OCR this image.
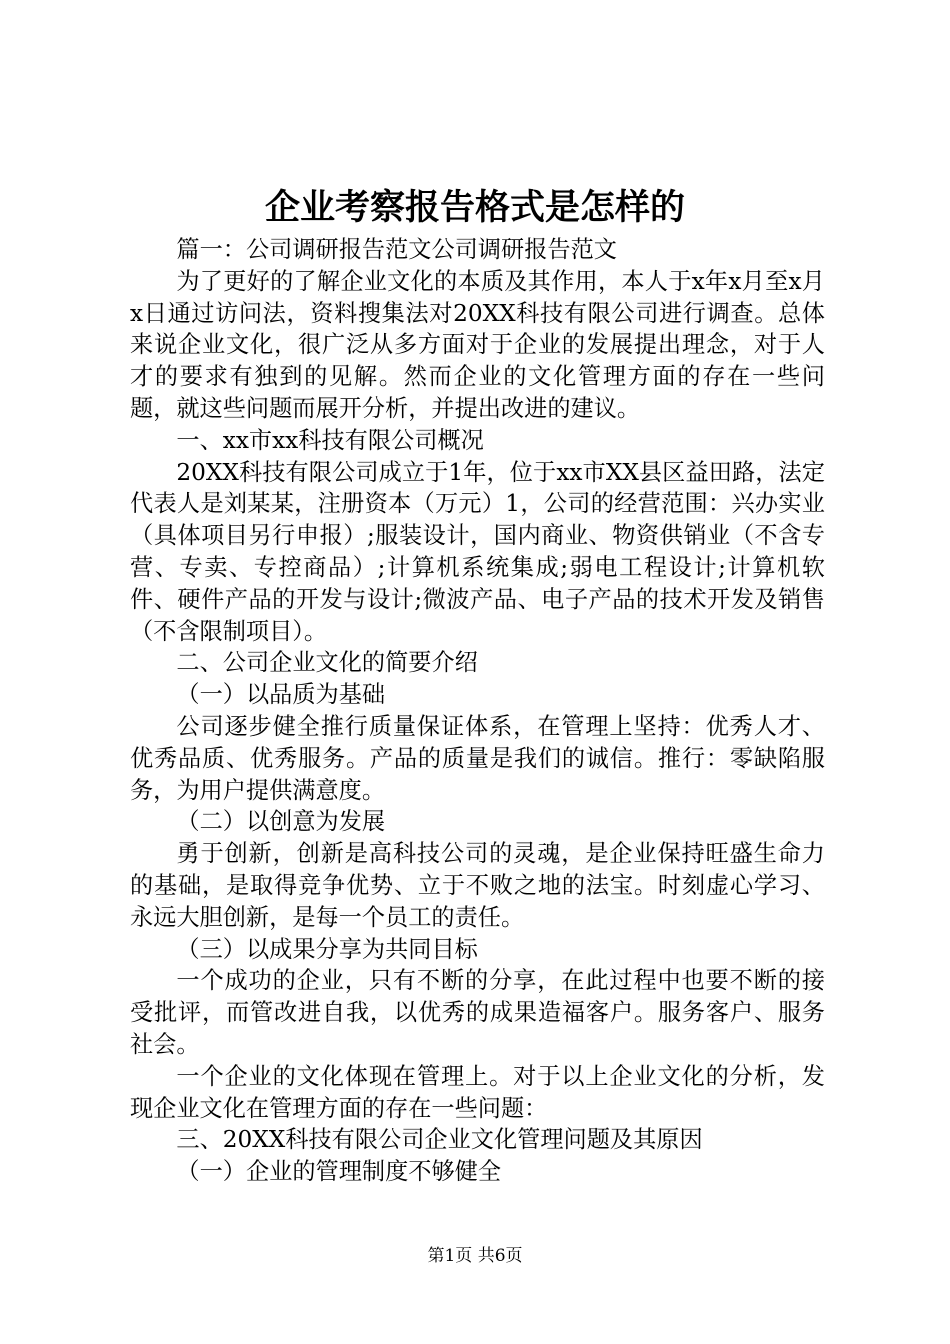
企业考察报告格式是怎样的

篇一：公司调研报告范文公司调研报告范文

为了更好的了解企业文化的本质及其作用，本人于x年x月至x月x日通过访问法，资料搜集法对20XX科技有限公司进行调查。总体来说企业文化，很广泛从多方面对于企业的发展提出理念，对于人才的要求有独到的见解。然而企业的文化管理方面的存在一些问题，就这些问题而展开分析，并提出改进的建议。

一、xx市xx科技有限公司概况

20XX科技有限公司成立于1年，位于xx市XX县区益田路，法定代表人是刘某某，注册资本（万元）1，公司的经营范围：兴办实业（具体项目另行申报）;服装设计，国内商业、物资供销业（不含专营、专卖、专控商品）;计算机系统集成;弱电工程设计;计算机软件、硬件产品的开发与设计;微波产品、电子产品的技术开发及销售（不含限制项目）。

二、公司企业文化的简要介绍

（一）以品质为基础

公司逐步健全推行质量保证体系，在管理上坚持：优秀人才、优秀品质、优秀服务。产品的质量是我们的诚信。推行：零缺陷服务，为用户提供满意度。

（二）以创意为发展

勇于创新，创新是高科技公司的灵魂，是企业保持旺盛生命力的基础，是取得竞争优势、立于不败之地的法宝。时刻虚心学习、永远大胆创新，是每一个员工的责任。

（三）以成果分享为共同目标

一个成功的企业，只有不断的分享，在此过程中也要不断的接受批评，而管改进自我，以优秀的成果造福客户。服务客户、服务社会。

一个企业的文化体现在管理上。对于以上企业文化的分析，发现企业文化在管理方面的存在一些问题：

三、20XX科技有限公司企业文化管理问题及其原因

（一）企业的管理制度不够健全

第1页 共6页
